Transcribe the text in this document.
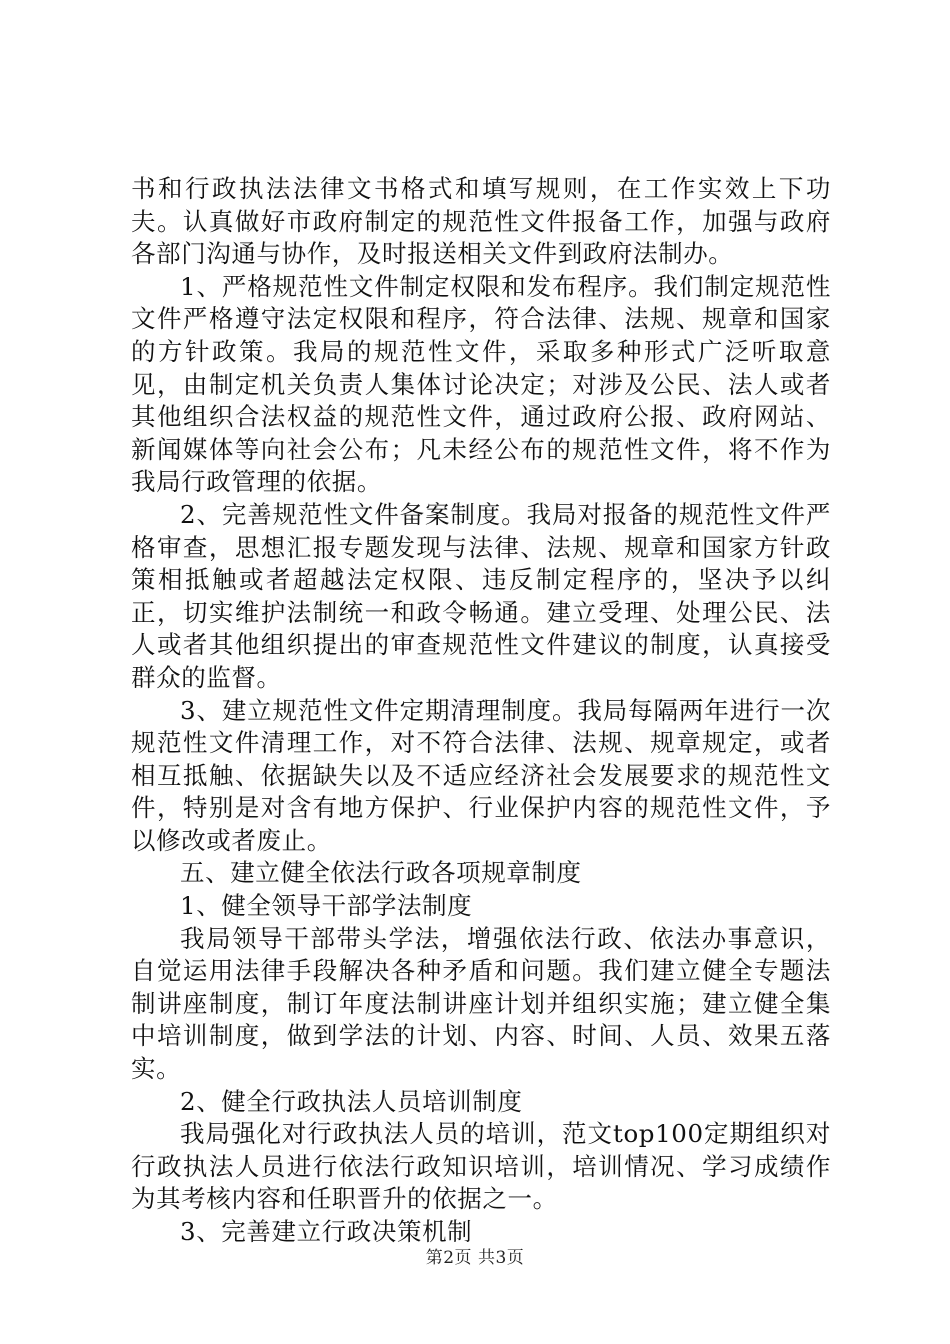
书和行政执法法律文书格式和填写规则，在工作实效上下功夫。认真做好市政府制定的规范性文件报备工作，加强与政府各部门沟通与协作，及时报送相关文件到政府法制办。

1、严格规范性文件制定权限和发布程序。我们制定规范性文件严格遵守法定权限和程序，符合法律、法规、规章和国家的方针政策。我局的规范性文件，采取多种形式广泛听取意见，由制定机关负责人集体讨论决定；对涉及公民、法人或者其他组织合法权益的规范性文件，通过政府公报、政府网站、新闻媒体等向社会公布；凡未经公布的规范性文件，将不作为我局行政管理的依据。

2、完善规范性文件备案制度。我局对报备的规范性文件严格审查，思想汇报专题发现与法律、法规、规章和国家方针政策相抵触或者超越法定权限、违反制定程序的，坚决予以纠正，切实维护法制统一和政令畅通。建立受理、处理公民、法人或者其他组织提出的审查规范性文件建议的制度，认真接受群众的监督。

3、建立规范性文件定期清理制度。我局每隔两年进行一次规范性文件清理工作，对不符合法律、法规、规章规定，或者相互抵触、依据缺失以及不适应经济社会发展要求的规范性文件，特别是对含有地方保护、行业保护内容的规范性文件，予以修改或者废止。

五、建立健全依法行政各项规章制度

1、健全领导干部学法制度

我局领导干部带头学法，增强依法行政、依法办事意识，自觉运用法律手段解决各种矛盾和问题。我们建立健全专题法制讲座制度，制订年度法制讲座计划并组织实施；建立健全集中培训制度，做到学法的计划、内容、时间、人员、效果五落实。

2、健全行政执法人员培训制度

我局强化对行政执法人员的培训，范文top100定期组织对行政执法人员进行依法行政知识培训，培训情况、学习成绩作为其考核内容和任职晋升的依据之一。

3、完善建立行政决策机制

第2页 共3页
